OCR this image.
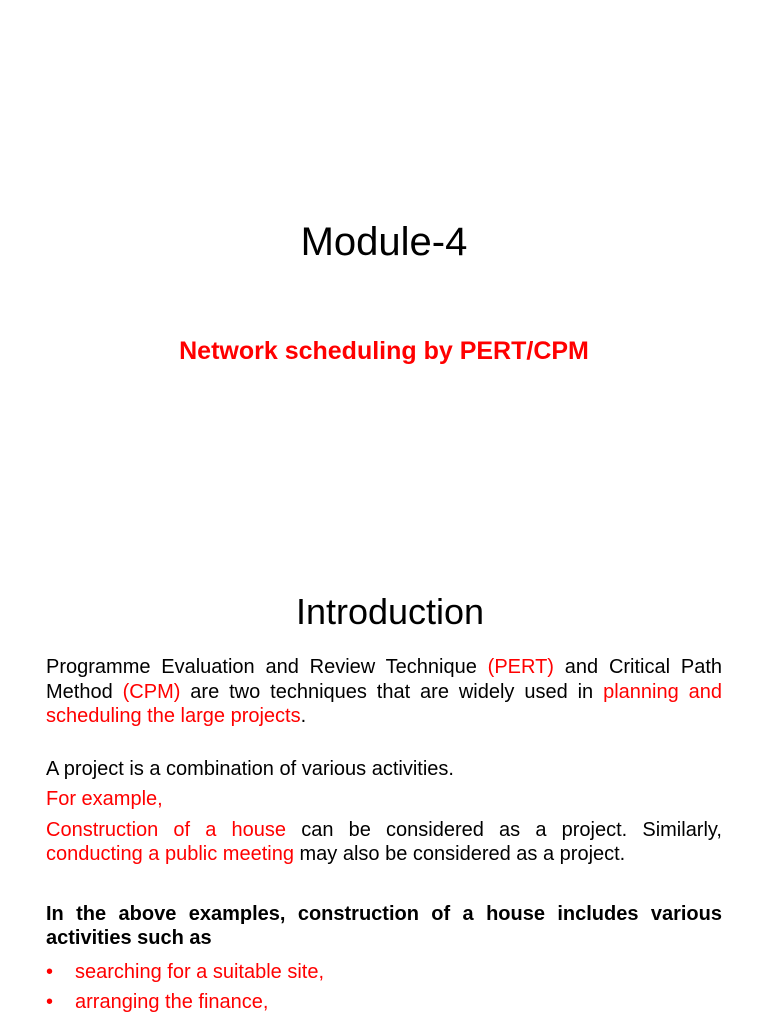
Module-4
Network scheduling by PERT/CPM
Introduction

Programme Evaluation and Review Technique (PERT) and Critical Path Method (CPM) are two techniques that are widely used in planning and scheduling the large projects.

A project is a combination of various activities.

For example,

Construction of a house can be considered as a project. Similarly, conducting a public meeting may also be considered as a project.

In the above examples, construction of a house includes various activities such as

• searching for a suitable site,
• arranging the finance,
